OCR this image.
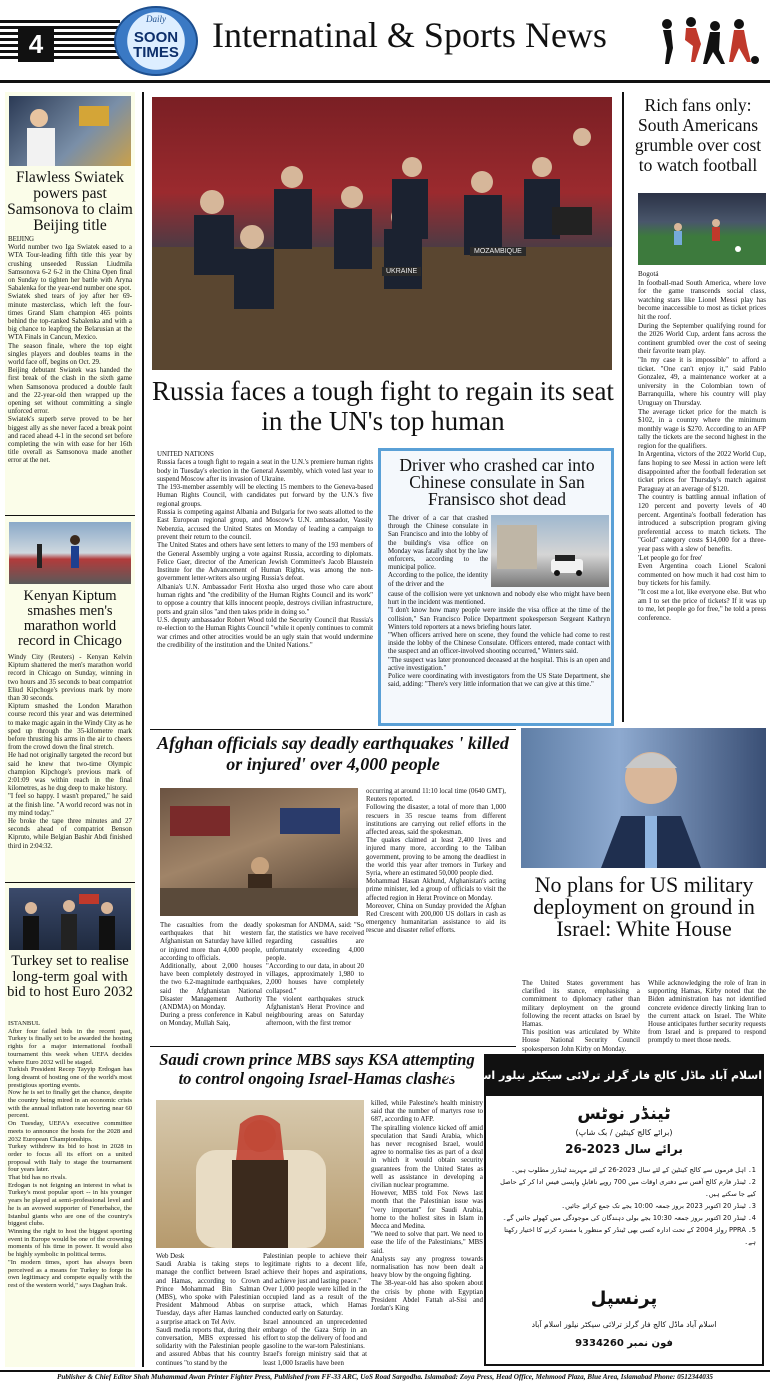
4
Daily
SOON TIMES Internatinal & Sports News
Flawless Swiatek powers past Samsonova to claim Beijing title

BEIJING
World number two Iga Swiatek eased to a WTA Tour-leading fifth title this year by crushing unseeded Russian Liudmila Samsonova 6-2 6-2 in the China Open final on Sunday to tighten her battle with Aryna Sabalenka for the year-end number one spot.
Swiatek shed tears of joy after her 69-minute masterclass, which left the four-times Grand Slam champion 465 points behind the top-ranked Sabalenka and with a big chance to leapfrog the Belarusian at the WTA Finals in Cancun, Mexico.
The season finale, where the top eight singles players and doubles teams in the world face off, begins on Oct. 29.
Beijing debutant Swiatek was handed the first break of the clash in the sixth game when Samsonova produced a double fault and the 22-year-old then wrapped up the opening set without committing a single unforced error.
Swiatek's superb serve proved to be her biggest ally as she never faced a break point and raced ahead 4-1 in the second set before completing the win with ease for her 16th title overall as Samsonova made another error at the net.

Kenyan Kiptum smashes men's marathon world record in Chicago

Windy City (Reuters) - Kenyan Kelvin Kiptum shattered the men's marathon world record in Chicago on Sunday, winning in two hours and 35 seconds to beat compatriot Eliud Kipchoge's previous mark by more than 30 seconds.
Kiptum smashed the London Marathon course record this year and was determined to make magic again in the Windy City as he sped up through the 35-kilometre mark before thrusting his arms in the air to cheers from the crowd down the final stretch.
He had not originally targeted the record but said he knew that two-time Olympic champion Kipchoge's previous mark of 2:01:09 was within reach in the final kilometres, as he dug deep to make history.
"I feel so happy. I wasn't prepared," he said at the finish line. "A world record was not in my mind today."
He broke the tape three minutes and 27 seconds ahead of compatriot Benson Kipruto, while Belgian Bashir Abdi finished third in 2:04:32.

Turkey set to realise long-term goal with bid to host Euro 2032

ISTANBUL
After four failed bids in the recent past, Turkey is finally set to be awarded the hosting rights for a major international football tournament this week when UEFA decides where Euro 2032 will be staged.
Turkish President Recep Tayyip Erdogan has long dreamt of hosting one of the world's most prestigious sporting events.
Now he is set to finally get the chance, despite the country being mired in an economic crisis with the annual inflation rate hovering near 60 percent.
On Tuesday, UEFA's executive committee meets to announce the hosts for the 2028 and 2032 European Championships.
Turkey withdrew its bid to host in 2028 in order to focus all its effort on a united proposal with Italy to stage the tournament four years later.
That bid has no rivals.
Erdogan is not feigning an interest in what is Turkey's most popular sport -- in his younger years he played at semi-professional level and he is an avowed supporter of Fenerbahce, the Istanbul giants who are one of the country's biggest clubs.
Winning the right to host the biggest sporting event in Europe would be one of the crowning moments of his time in power. It would also be highly symbolic in political terms.
"In modern times, sport has always been perceived as a means for Turkey to forge its own legitimacy and compete equally with the rest of the western world," says Daghan Irak.

UKRAINE
MOZAMBIQUE
Russia faces a tough fight to regain its seat in the UN's top human

UNITED NATIONS
Russia faces a tough fight to regain a seat in the U.N.'s premiere human rights body in Tuesday's election in the General Assembly, which voted last year to suspend Moscow after its invasion of Ukraine.
The 193-member assembly will be electing 15 members to the Geneva-based Human Rights Council, with candidates put forward by the U.N.'s five regional groups.
Russia is competing against Albania and Bulgaria for two seats allotted to the East European regional group, and Moscow's U.N. ambassador, Vassily Nebenzia, accused the United States on Monday of leading a campaign to prevent their return to the council.
The United States and others have sent letters to many of the 193 members of the General Assembly urging a vote against Russia, according to diplomats. Felice Gaer, director of the American Jewish Committee's Jacob Blaustein Institute for the Advancement of Human Rights, was among the non-government letter-writers also urging Russia's defeat.
Albania's U.N. Ambassador Ferit Hoxha also urged those who care about human rights and "the credibility of the Human Rights Council and its work" to oppose a country that kills innocent people, destroys civilian infrastructure, ports and grain silos "and then takes pride in doing so."
U.S. deputy ambassador Robert Wood told the Security Council that Russia's re-election to the Human Rights Council "while it openly continues to commit war crimes and other atrocities would be an ugly stain that would undermine the credibility of the institution and the United Nations."

Driver who crashed car into Chinese consulate in San Fransisco shot dead

The driver of a car that crashed through the Chinese consulate in San Francisco and into the lobby of the building's visa office on Monday was fatally shot by the law enforcers, according to the municipal police.
According to the police, the identity of the driver and the

cause of the collision were yet unknown and nobody else who might have been hurt in the incident was mentioned.
"I don't know how many people were inside the visa office at the time of the collision," San Francisco Police Department spokesperson Sergeant Kathryn Winters told reporters at a news briefing hours later.
"When officers arrived here on scene, they found the vehicle had come to rest inside the lobby of the Chinese Consulate. Officers entered, made contact with the suspect and an officer-involved shooting occurred," Winters said.
"The suspect was later pronounced deceased at the hospital. This is an open and active investigation."
Police were coordinating with investigators from the US State Department, she said, adding: "There's very little information that we can give at this time."

Afghan officials say deadly earthquakes ' killed or injured' over 4,000 people

The casualties from the deadly earthquakes that hit western Afghanistan on Saturday have killed or injured more than 4,000 people, according to officials.
Additionally, about 2,000 houses have been completely destroyed in the two 6.2-magnitude earthquakes, said the Afghanistan National Disaster Management Authority (ANDMA) on Monday.
During a press conference in Kabul on Monday, Mullah Saiq,

spokesman for ANDMA, said: "So far, the statistics we have received regarding casualties are unfortunately exceeding 4,000 people.
"According to our data, in about 20 villages, approximately 1,980 to 2,000 houses have completely collapsed."
The violent earthquakes struck Afghanistan's Herat Province and neighbouring areas on Saturday afternoon, with the first tremor

occurring at around 11:10 local time (0640 GMT), Reuters reported.
Following the disaster, a total of more than 1,000 rescuers in 35 rescue teams from different institutions are carrying out relief efforts in the affected areas, said the spokesman.
The quakes claimed at least 2,400 lives and injured many more, according to the Taliban government, proving to be among the deadliest in the world this year after tremors in Turkey and Syria, where an estimated 50,000 people died.
Mohammad Hasan Akhund, Afghanistan's acting prime minister, led a group of officials to visit the affected region in Herat Province on Monday.
Moreover, China on Sunday provided the Afghan Red Crescent with 200,000 US dollars in cash as emergency humanitarian assistance to aid its rescue and disaster relief efforts.

Saudi crown prince MBS says KSA attempting to control ongoing Israel-Hamas clashes

Web Desk
Saudi Arabia is taking steps to manage the conflict between Israel and Hamas, according to Crown Prince Mohammad Bin Salman (MBS), who spoke with Palestinian President Mahmoud Abbas on Tuesday, days after Hamas launched a surprise attack on Tel Aviv.
Saudi media reports that, during their conversation, MBS expressed his solidarity with the Palestinian people and assured Abbas that his country continues "to stand by the

Palestinian people to achieve their legitimate rights to a decent life, achieve their hopes and aspirations, and achieve just and lasting peace."
Over 1,000 people were killed in the occupied land as a result of the surprise attack, which Hamas conducted early on Saturday.
Israel announced an unprecedented embargo of the Gaza Strip in an effort to stop the delivery of food and gasoline to the war-torn Palestinians.
Israel's foreign ministry said that at least 1,000 Israelis have been

killed, while Palestine's health ministry said that the number of martyrs rose to 687, according to AFP.
The spiralling violence kicked off amid speculation that Saudi Arabia, which has never recognised Israel, would agree to normalise ties as part of a deal in which it would obtain security guarantees from the United States as well as assistance in developing a civilian nuclear programme.
However, MBS told Fox News last month that the Palestinian issue was "very important" for Saudi Arabia, home to the holiest sites in Islam in Mecca and Medina.
"We need to solve that part. We need to ease the life of the Palestinians," MBS said.
Analysts say any progress towards normalisation has now been dealt a heavy blow by the ongoing fighting.
The 38-year-old has also spoken about the crisis by phone with Egyptian President Abdel Fattah al-Sisi and Jordan's King

Rich fans only: South Americans grumble over cost to watch football

Bogotá
In football-mad South America, where love for the game transcends social class, watching stars like Lionel Messi play has become inaccessible to most as ticket prices hit the roof.
During the September qualifying round for the 2026 World Cup, ardent fans across the continent grumbled over the cost of seeing their favorite team play.
"In my case it is impossible" to afford a ticket. "One can't enjoy it," said Pablo Gonzalez, 49, a maintenance worker at a university in the Colombian town of Barranquilla, where his country will play Uruguay on Thursday.
The average ticket price for the match is $102, in a country where the minimum monthly wage is $270. According to an AFP tally the tickets are the second highest in the region for the qualifiers.
In Argentina, victors of the 2022 World Cup, fans hoping to see Messi in action were left disappointed after the football federation set ticket prices for Thursday's match against Paraguay at an average of $120.
The country is battling annual inflation of 120 percent and poverty levels of 40 percent. Argentina's football federation has introduced a subscription program giving preferential access to match tickets. The "Gold" category costs $14,000 for a three-year pass with a slew of benefits.
'Let people go for free'
Even Argentina coach Lionel Scaloni commented on how much it had cost him to buy tickets for his family.
"It cost me a lot, like everyone else. But who am I to set the price of tickets? If it was up to me, let people go for free," he told a press conference.

No plans for US military deployment on ground in Israel: White House

The United States government has clarified its stance, emphasising a commitment to diplomacy rather than military deployment on the ground following the recent attacks on Israel by Hamas.
This position was articulated by White House National Security Council spokesperson John Kirby on Monday.

While acknowledging the role of Iran in supporting Hamas, Kirby noted that the Biden administration has not identified concrete evidence directly linking Iran to the current attack on Israel. The White House anticipates further security requests from Israel and is prepared to respond promptly to meet those needs.

اسلام آباد ماڈل کالج فار گرلز ترلائی سیکٹر نیلور اسلام آباد
ٹینڈر نوٹس
(برائے کالج کینٹین / بک شاپ)
برائے سال 2023-26
1۔ اہل فرموں سے کالج کینٹین کے لئے سال 2023-26 کے لئے مہربند ٹینڈرز مطلوب ہیں۔
2۔ ٹینڈر فارم کالج آفس سے دفتری اوقات میں 700 روپے ناقابلِ واپسی فیس ادا کر کے حاصل کیے جا سکتے ہیں۔
3۔ ٹینڈر 20 اکتوبر 2023 بروز جمعہ 10:00 بجے تک جمع کرائے جائیں۔
4۔ ٹینڈر 20 اکتوبر بروز جمعہ 10:30 بجے بولی دہندگان کی موجودگی میں کھولے جائیں گے۔
5۔ PPRA رولز 2004 کے تحت ادارہ کسی بھی ٹینڈر کو منظور یا مسترد کرنے کا اختیار رکھتا ہے۔
پرنسپل
اسلام آباد ماڈل کالج فار گرلز ترلائی سیکٹر نیلور اسلام آباد
فون نمبر 9334260
Publisher & Chief Editor Shah Muhammad Awan Printer Fighter Press, Published from FF-33 ARC, UoS Road Sargodha. Islamabad: Zoya Press, Head Office, Mehmood Plaza, Blue Area, Islamabad Phone: 0512344035
